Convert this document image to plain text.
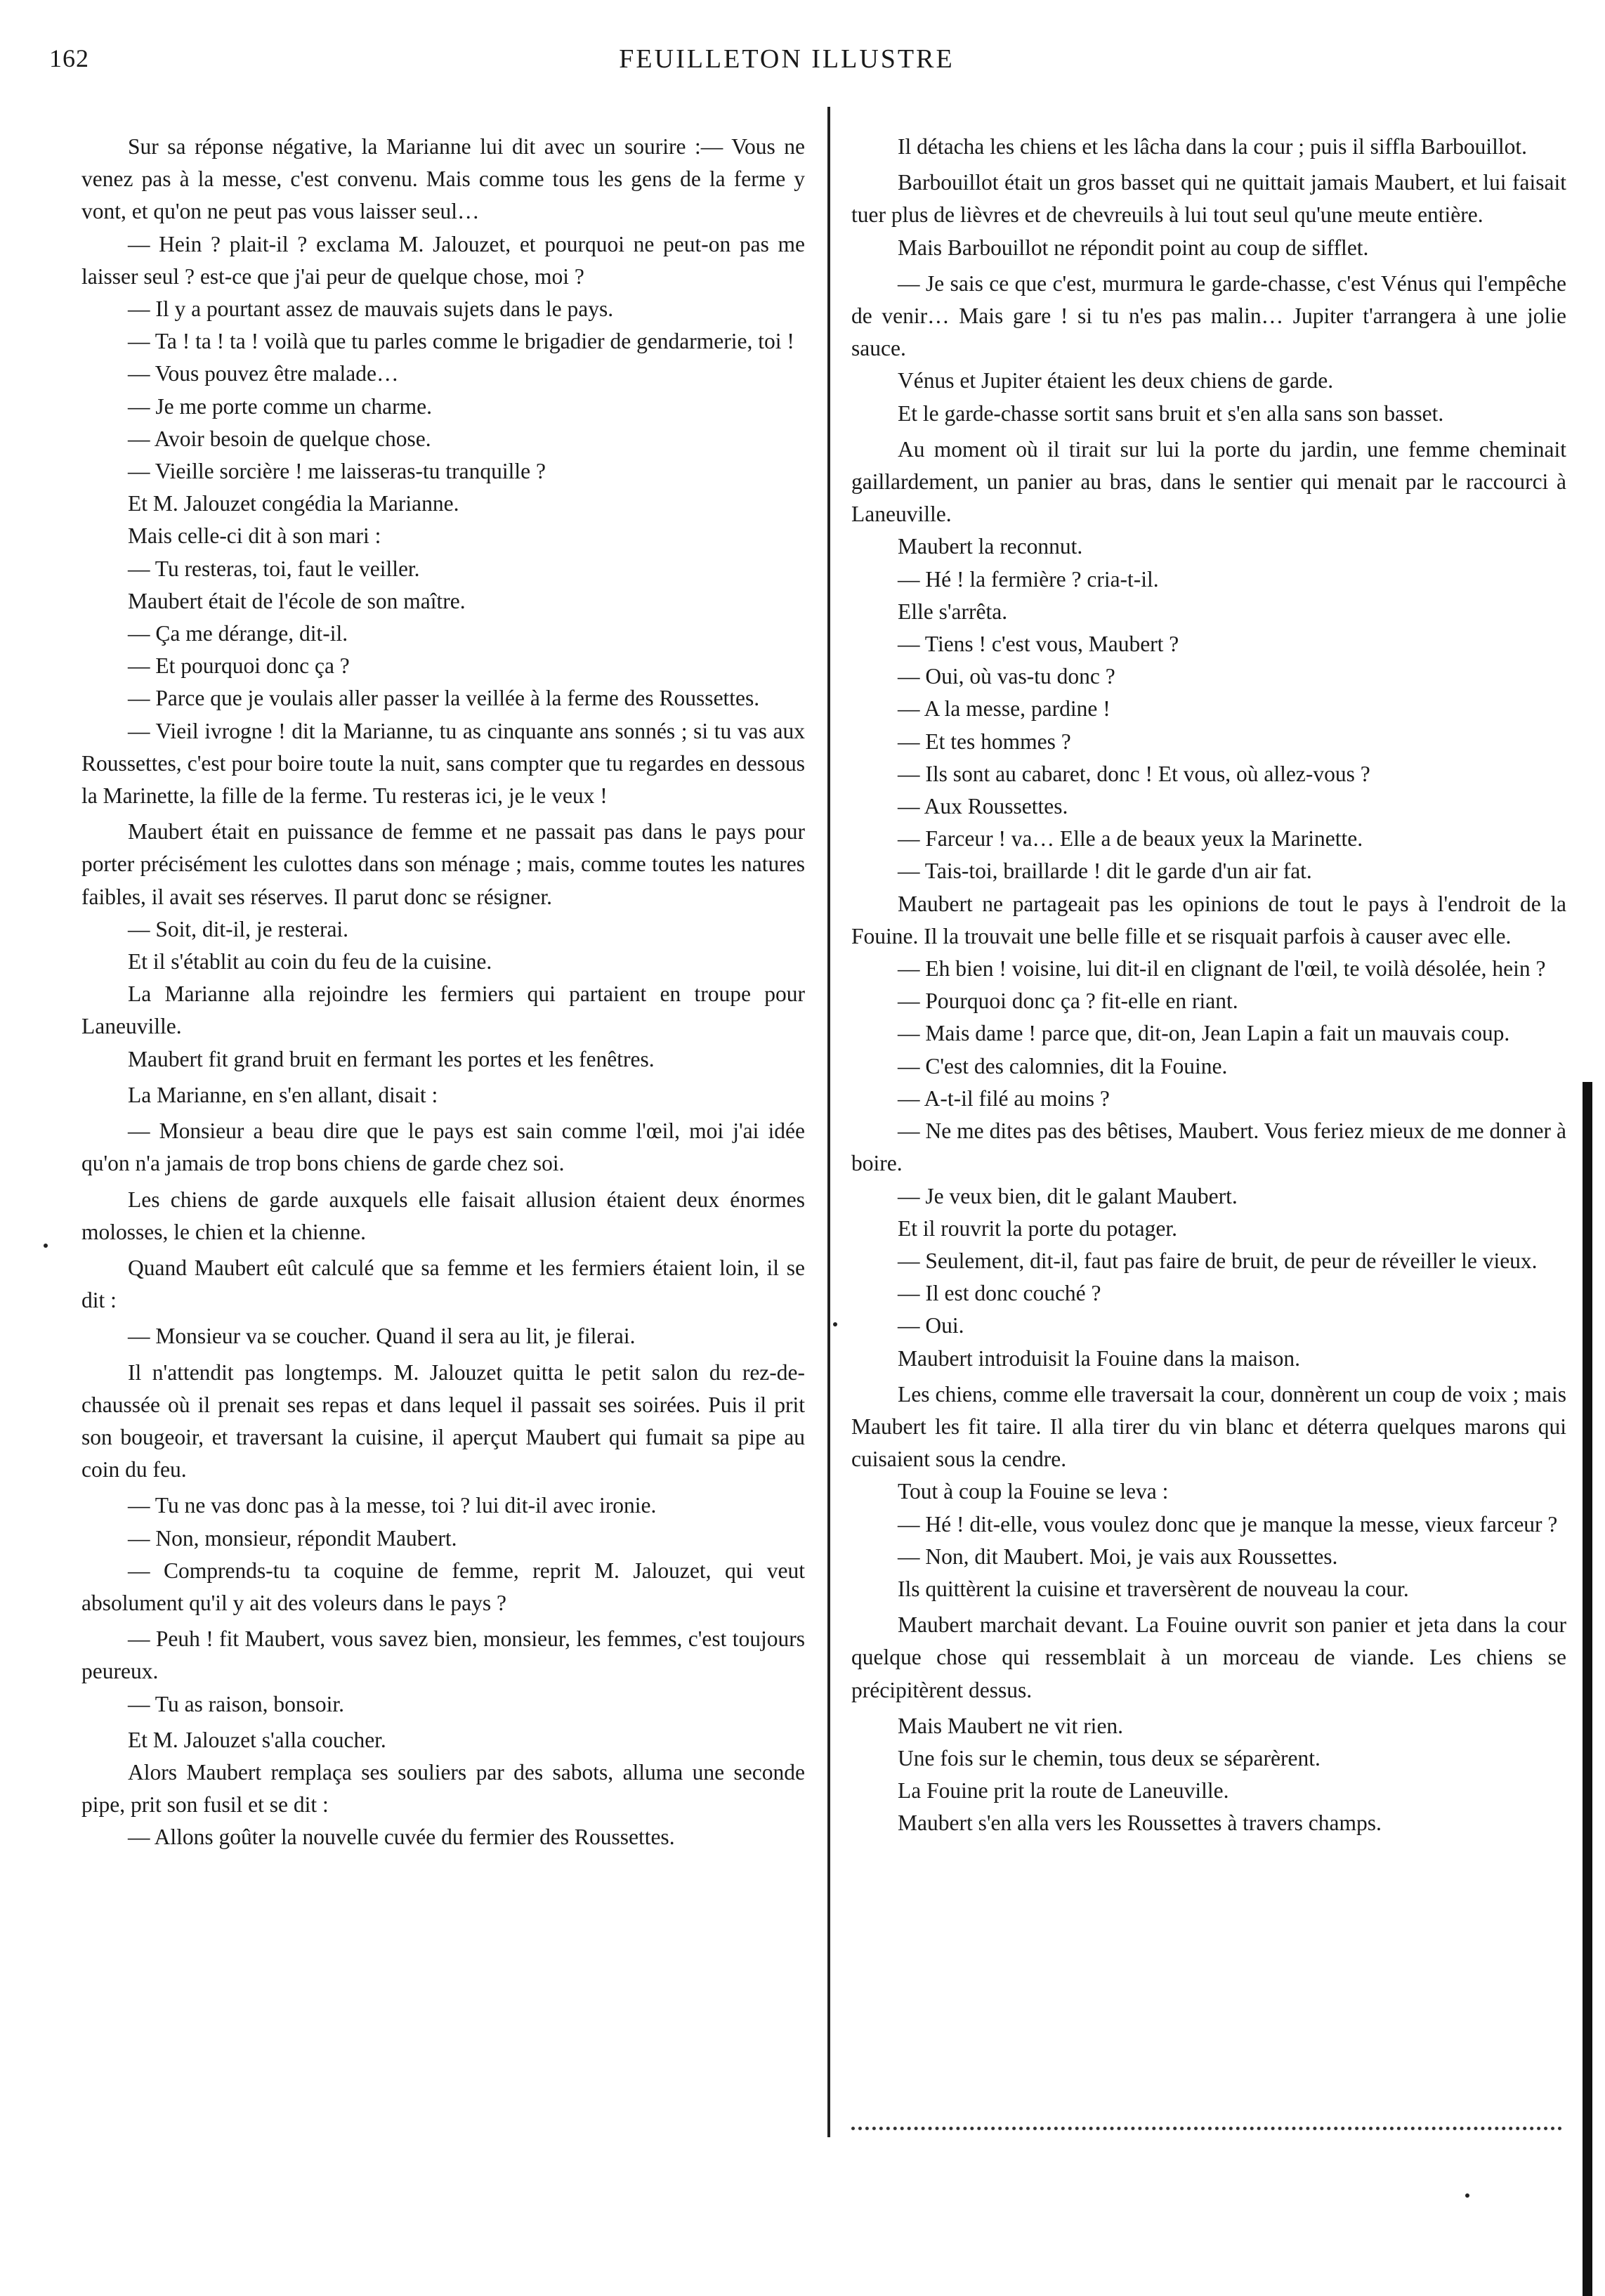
162	FEUILLETON ILLUSTRE

Sur sa réponse négative, la Marianne lui dit avec un sourire :— Vous ne venez pas à la messe, c'est convenu. Mais comme tous les gens de la ferme y vont, et qu'on ne peut pas vous laisser seul…

— Hein ? plait-il ? exclama M. Jalouzet, et pourquoi ne peut-on pas me laisser seul ? est-ce que j'ai peur de quelque chose, moi ?

— Il y a pourtant assez de mauvais sujets dans le pays.

— Ta ! ta ! ta ! voilà que tu parles comme le brigadier de gendarmerie, toi !

— Vous pouvez être malade…

— Je me porte comme un charme.

— Avoir besoin de quelque chose.

— Vieille sorcière ! me laisseras-tu tranquille ?

Et M. Jalouzet congédia la Marianne.

Mais celle-ci dit à son mari :

— Tu resteras, toi, faut le veiller.

Maubert était de l'école de son maître.

— Ça me dérange, dit-il.

— Et pourquoi donc ça ?

— Parce que je voulais aller passer la veillée à la ferme des Roussettes.

— Vieil ivrogne ! dit la Marianne, tu as cinquante ans sonnés ; si tu vas aux Roussettes, c'est pour boire toute la nuit, sans compter que tu regardes en dessous la Marinette, la fille de la ferme. Tu resteras ici, je le veux !

Maubert était en puissance de femme et ne passait pas dans le pays pour porter précisément les culottes dans son ménage ; mais, comme toutes les natures faibles, il avait ses réserves. Il parut donc se résigner.

— Soit, dit-il, je resterai.

Et il s'établit au coin du feu de la cuisine.

La Marianne alla rejoindre les fermiers qui partaient en troupe pour Laneuville.

Maubert fit grand bruit en fermant les portes et les fenêtres.

La Marianne, en s'en allant, disait :

— Monsieur a beau dire que le pays est sain comme l'œil, moi j'ai idée qu'on n'a jamais de trop bons chiens de garde chez soi.

Les chiens de garde auxquels elle faisait allusion étaient deux énormes molosses, le chien et la chienne.

Quand Maubert eût calculé que sa femme et les fermiers étaient loin, il se dit :

— Monsieur va se coucher. Quand il sera au lit, je filerai.

Il n'attendit pas longtemps. M. Jalouzet quitta le petit salon du rez-de-chaussée où il prenait ses repas et dans lequel il passait ses soirées. Puis il prit son bougeoir, et traversant la cuisine, il aperçut Maubert qui fumait sa pipe au coin du feu.

— Tu ne vas donc pas à la messe, toi ? lui dit-il avec ironie.

— Non, monsieur, répondit Maubert.

— Comprends-tu ta coquine de femme, reprit M. Jalouzet, qui veut absolument qu'il y ait des voleurs dans le pays ?

— Peuh ! fit Maubert, vous savez bien, monsieur, les femmes, c'est toujours peureux.

— Tu as raison, bonsoir.

Et M. Jalouzet s'alla coucher.

Alors Maubert remplaça ses souliers par des sabots, alluma une seconde pipe, prit son fusil et se dit :

— Allons goûter la nouvelle cuvée du fermier des Roussettes.

Il détacha les chiens et les lâcha dans la cour ; puis il siffla Barbouillot.

Barbouillot était un gros basset qui ne quittait jamais Maubert, et lui faisait tuer plus de lièvres et de chevreuils à lui tout seul qu'une meute entière.

Mais Barbouillot ne répondit point au coup de sifflet.

— Je sais ce que c'est, murmura le garde-chasse, c'est Vénus qui l'empêche de venir… Mais gare ! si tu n'es pas malin… Jupiter t'arrangera à une jolie sauce.

Vénus et Jupiter étaient les deux chiens de garde.

Et le garde-chasse sortit sans bruit et s'en alla sans son basset.

Au moment où il tirait sur lui la porte du jardin, une femme cheminait gaillardement, un panier au bras, dans le sentier qui menait par le raccourci à Laneuville.

Maubert la reconnut.

— Hé ! la fermière ? cria-t-il.

Elle s'arrêta.

— Tiens ! c'est vous, Maubert ?

— Oui, où vas-tu donc ?

— A la messe, pardine !

— Et tes hommes ?

— Ils sont au cabaret, donc ! Et vous, où allez-vous ?

— Aux Roussettes.

— Farceur ! va… Elle a de beaux yeux la Marinette.

— Tais-toi, braillarde ! dit le garde d'un air fat.

Maubert ne partageait pas les opinions de tout le pays à l'endroit de la Fouine. Il la trouvait une belle fille et se risquait parfois à causer avec elle.

— Eh bien ! voisine, lui dit-il en clignant de l'œil, te voilà désolée, hein ?

— Pourquoi donc ça ? fit-elle en riant.

— Mais dame ! parce que, dit-on, Jean Lapin a fait un mauvais coup.

— C'est des calomnies, dit la Fouine.

— A-t-il filé au moins ?

— Ne me dites pas des bêtises, Maubert. Vous feriez mieux de me donner à boire.

— Je veux bien, dit le galant Maubert.

Et il rouvrit la porte du potager.

— Seulement, dit-il, faut pas faire de bruit, de peur de réveiller le vieux.

— Il est donc couché ?

— Oui.

Maubert introduisit la Fouine dans la maison.

Les chiens, comme elle traversait la cour, donnèrent un coup de voix ; mais Maubert les fit taire. Il alla tirer du vin blanc et déterra quelques marons qui cuisaient sous la cendre.

Tout à coup la Fouine se leva :

— Hé ! dit-elle, vous voulez donc que je manque la messe, vieux farceur ?

— Non, dit Maubert. Moi, je vais aux Roussettes.

Ils quittèrent la cuisine et traversèrent de nouveau la cour.

Maubert marchait devant. La Fouine ouvrit son panier et jeta dans la cour quelque chose qui ressemblait à un morceau de viande. Les chiens se précipitèrent dessus.

Mais Maubert ne vit rien.

Une fois sur le chemin, tous deux se séparèrent.

La Fouine prit la route de Laneuville.

Maubert s'en alla vers les Roussettes à travers champs.
